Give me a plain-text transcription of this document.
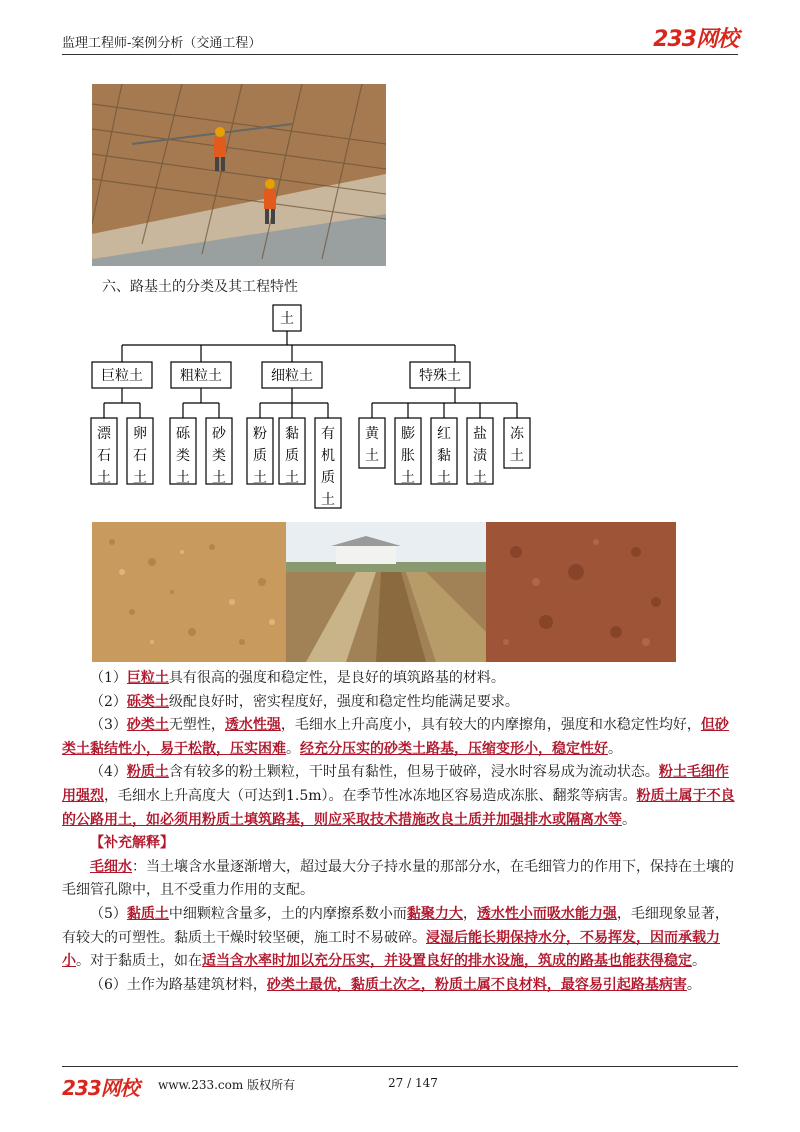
监理工程师-案例分析（交通工程）	233网校
六、路基土的分类及其工程特性
土
巨粒土	粗粒土	细粒土	特殊土
漂石土
卵石土
砾类土
砂类土
粉质土
黏质土
有机质土
黄土
膨胀土
红黏土
盐渍土
冻土

（1）巨粒土具有很高的强度和稳定性，是良好的填筑路基的材料。

（2）砾类土级配良好时，密实程度好，强度和稳定性均能满足要求。

（3）砂类土无塑性，透水性强，毛细水上升高度小，具有较大的内摩擦角，强度和水稳定性均好，但砂类土黏结性小，易于松散，压实困难。经充分压实的砂类土路基，压缩变形小，稳定性好。

（4）粉质土含有较多的粉土颗粒，干时虽有黏性，但易于破碎，浸水时容易成为流动状态。粉土毛细作用强烈，毛细水上升高度大（可达到1.5m）。在季节性冰冻地区容易造成冻胀、翻浆等病害。粉质土属于不良的公路用土，如必须用粉质土填筑路基，则应采取技术措施改良土质并加强排水或隔离水等。

【补充解释】

毛细水：当土壤含水量逐渐增大，超过最大分子持水量的那部分水，在毛细管力的作用下，保持在土壤的毛细管孔隙中，且不受重力作用的支配。

（5）黏质土中细颗粒含量多，土的内摩擦系数小而黏聚力大，透水性小而吸水能力强，毛细现象显著，有较大的可塑性。黏质土干燥时较坚硬，施工时不易破碎。浸湿后能长期保持水分，不易挥发，因而承载力小。对于黏质土，如在适当含水率时加以充分压实，并设置良好的排水设施，筑成的路基也能获得稳定。

（6）土作为路基建筑材料，砂类土最优，黏质土次之，粉质土属不良材料，最容易引起路基病害。

233网校 www.233.com 版权所有	27 / 147
